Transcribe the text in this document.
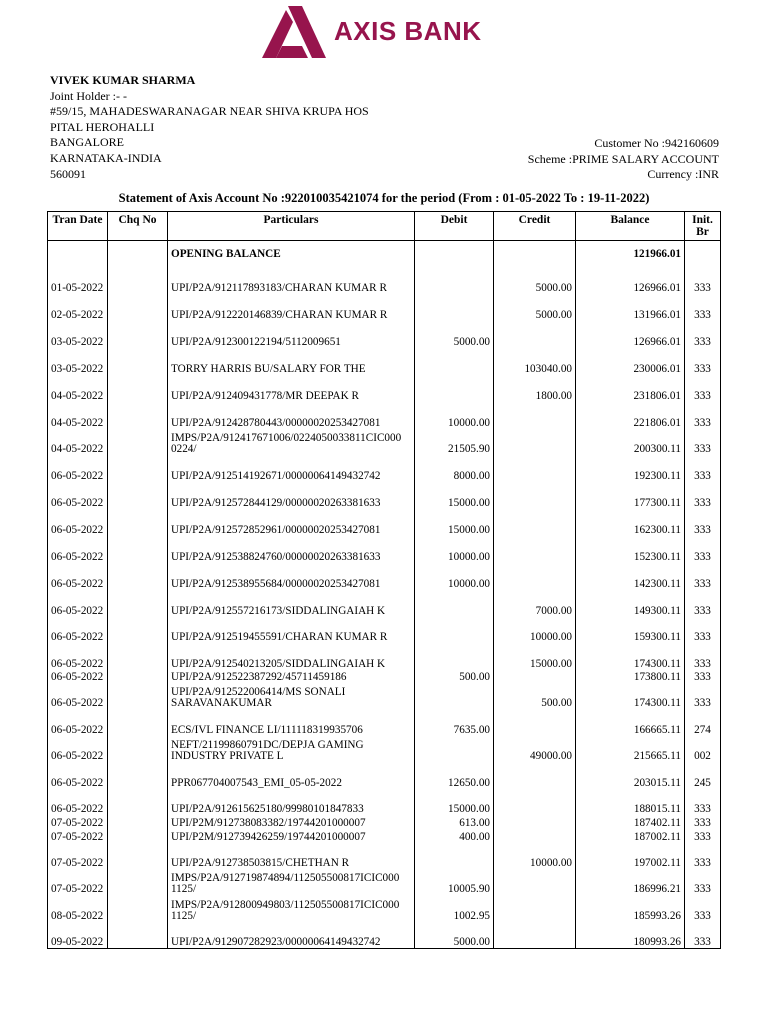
AXIS BANK
VIVEK KUMAR SHARMA
Joint Holder :- -
#59/15, MAHADESWARANAGAR NEAR SHIVA KRUPA HOS
PITAL HEROHALLI
BANGALORE
KARNATAKA-INDIA
560091
Customer No :942160609
Scheme :PRIME SALARY ACCOUNT
Currency :INR
Statement of Axis Account No :922010035421074 for the period (From : 01-05-2022 To : 19-11-2022)
Tran Date	Chq No	Particulars	Debit	Credit	Balance	Init.
Br
		OPENING BALANCE			121966.01	
01-05-2022		UPI/P2A/912117893183/CHARAN KUMAR R		5000.00	126966.01	333
02-05-2022		UPI/P2A/912220146839/CHARAN KUMAR R		5000.00	131966.01	333
03-05-2022		UPI/P2A/912300122194/5112009651	5000.00		126966.01	333
03-05-2022		TORRY HARRIS BU/SALARY FOR THE		103040.00	230006.01	333
04-05-2022		UPI/P2A/912409431778/MR DEEPAK R		1800.00	231806.01	333
04-05-2022		UPI/P2A/912428780443/00000020253427081	10000.00		221806.01	333
04-05-2022		IMPS/P2A/912417671006/0224050033811CIC000
0224/	21505.90		200300.11	333
06-05-2022		UPI/P2A/912514192671/00000064149432742	8000.00		192300.11	333
06-05-2022		UPI/P2A/912572844129/00000020263381633	15000.00		177300.11	333
06-05-2022		UPI/P2A/912572852961/00000020253427081	15000.00		162300.11	333
06-05-2022		UPI/P2A/912538824760/00000020263381633	10000.00		152300.11	333
06-05-2022		UPI/P2A/912538955684/00000020253427081	10000.00		142300.11	333
06-05-2022		UPI/P2A/912557216173/SIDDALINGAIAH K		7000.00	149300.11	333
06-05-2022		UPI/P2A/912519455591/CHARAN KUMAR R		10000.00	159300.11	333
06-05-2022		UPI/P2A/912540213205/SIDDALINGAIAH K		15000.00	174300.11	333
06-05-2022		UPI/P2A/912522387292/45711459186	500.00		173800.11	333
06-05-2022		UPI/P2A/912522006414/MS SONALI
SARAVANAKUMAR		500.00	174300.11	333
06-05-2022		ECS/IVL FINANCE LI/111118319935706	7635.00		166665.11	274
06-05-2022		NEFT/21199860791DC/DEPJA GAMING
INDUSTRY PRIVATE L		49000.00	215665.11	002
06-05-2022		PPR067704007543_EMI_05-05-2022	12650.00		203015.11	245
06-05-2022		UPI/P2A/912615625180/99980101847833	15000.00		188015.11	333
07-05-2022		UPI/P2M/912738083382/19744201000007	613.00		187402.11	333
07-05-2022		UPI/P2M/912739426259/19744201000007	400.00		187002.11	333
07-05-2022		UPI/P2A/912738503815/CHETHAN R		10000.00	197002.11	333
07-05-2022		IMPS/P2A/912719874894/112505500817ICIC000
1125/	10005.90		186996.21	333
08-05-2022		IMPS/P2A/912800949803/112505500817ICIC000
1125/	1002.95		185993.26	333
09-05-2022		UPI/P2A/912907282923/00000064149432742	5000.00		180993.26	333
